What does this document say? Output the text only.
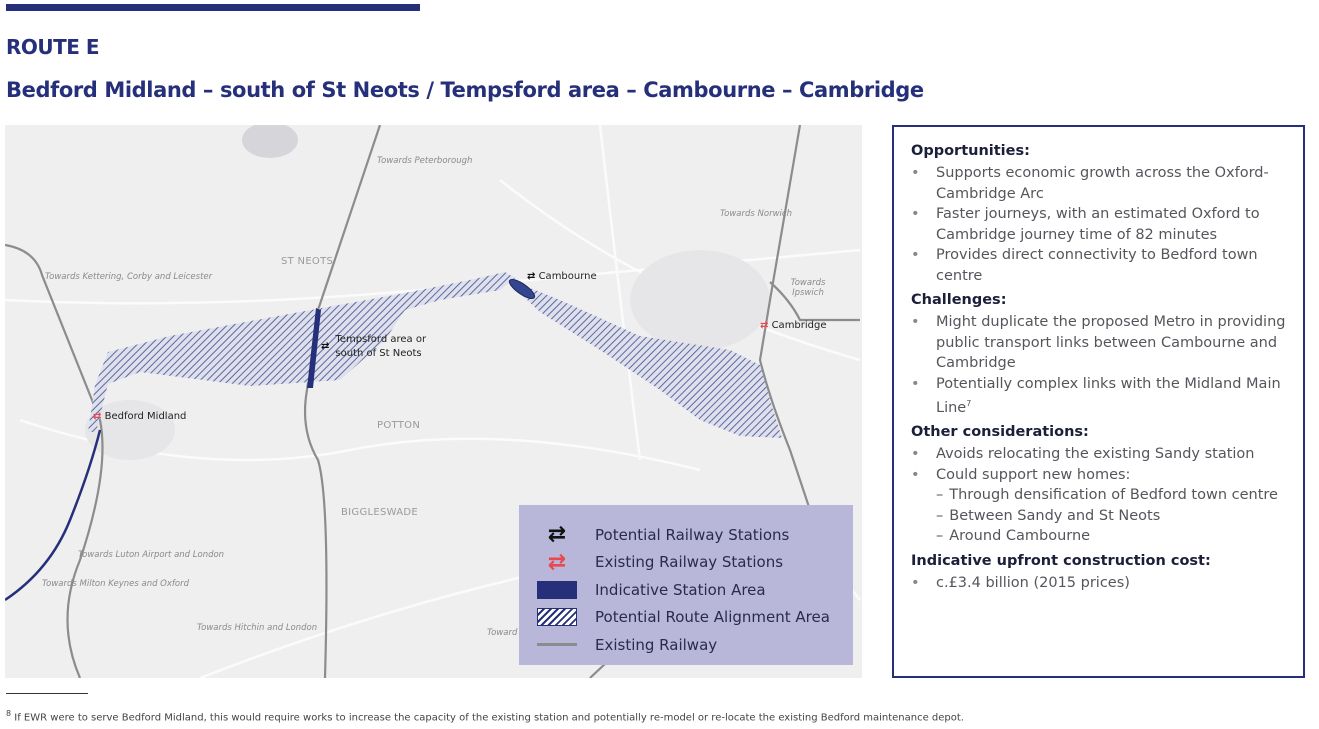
ROUTE E
Bedford Midland – south of St Neots / Tempsford area – Cambourne – Cambridge
Towards Peterborough
Towards Kettering, Corby and Leicester
Towards Norwich
Towards Ipswich
Towards Luton Airport and London
Towards Milton Keynes and Oxford
Towards Hitchin and London	Toward
ST NEOTS
POTTON
BIGGLESWADE
⇄ Bedford Midland
⇄
Tempsford area or south of St Neots
⇄ Cambourne
⇄ Cambridge
⇄	Potential Railway Stations
⇄	Existing Railway Stations
Indicative Station Area
Potential Route Alignment Area
Existing Railway
Opportunities:
• Supports economic growth across the Oxford-Cambridge Arc
• Faster journeys, with an estimated Oxford to Cambridge journey time of 82 minutes
• Provides direct connectivity to Bedford town centre
Challenges:
• Might duplicate the proposed Metro in providing public transport links between Cambourne and Cambridge
• Potentially complex links with the Midland Main Line$^7$
Other considerations:
• Avoids relocating the existing Sandy station
• Could support new homes:
– Through densification of Bedford town centre
– Between Sandy and St Neots
– Around Cambourne
Indicative upfront construction cost:
• c.£3.4 billion (2015 prices)
$^8$ If EWR were to serve Bedford Midland, this would require works to increase the capacity of the existing station and potentially re-model or re-locate the existing Bedford maintenance depot.
